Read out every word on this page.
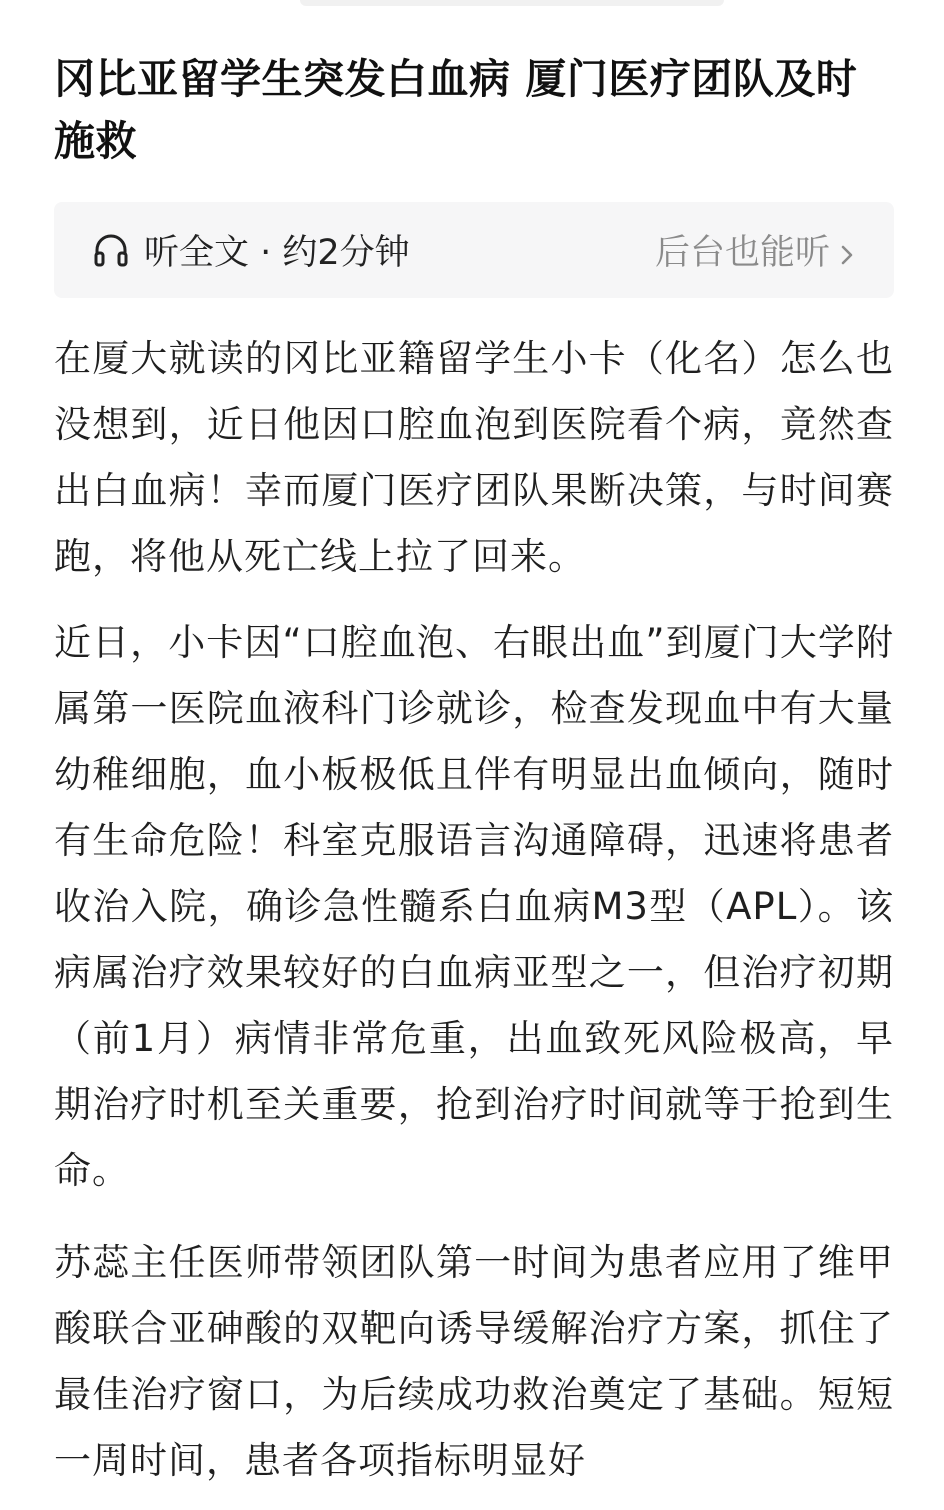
冈比亚留学生突发白血病 厦门医疗团队及时施救
听全文 · 约2分钟	后台也能听

在厦大就读的冈比亚籍留学生小卡（化名）怎么也没想到，近日他因口腔血泡到医院看个病，竟然查出白血病！幸而厦门医疗团队果断决策，与时间赛跑，将他从死亡线上拉了回来。

近日，小卡因“口腔血泡、右眼出血”到厦门大学附属第一医院血液科门诊就诊，检查发现血中有大量幼稚细胞，血小板极低且伴有明显出血倾向，随时有生命危险！科室克服语言沟通障碍，迅速将患者收治入院，确诊急性髓系白血病M3型（APL）。该病属治疗效果较好的白血病亚型之一，但治疗初期（前1月）病情非常危重，出血致死风险极高，早期治疗时机至关重要，抢到治疗时间就等于抢到生命。

苏蕊主任医师带领团队第一时间为患者应用了维甲酸联合亚砷酸的双靶向诱导缓解治疗方案，抓住了最佳治疗窗口，为后续成功救治奠定了基础。短短一周时间，患者各项指标明显好
